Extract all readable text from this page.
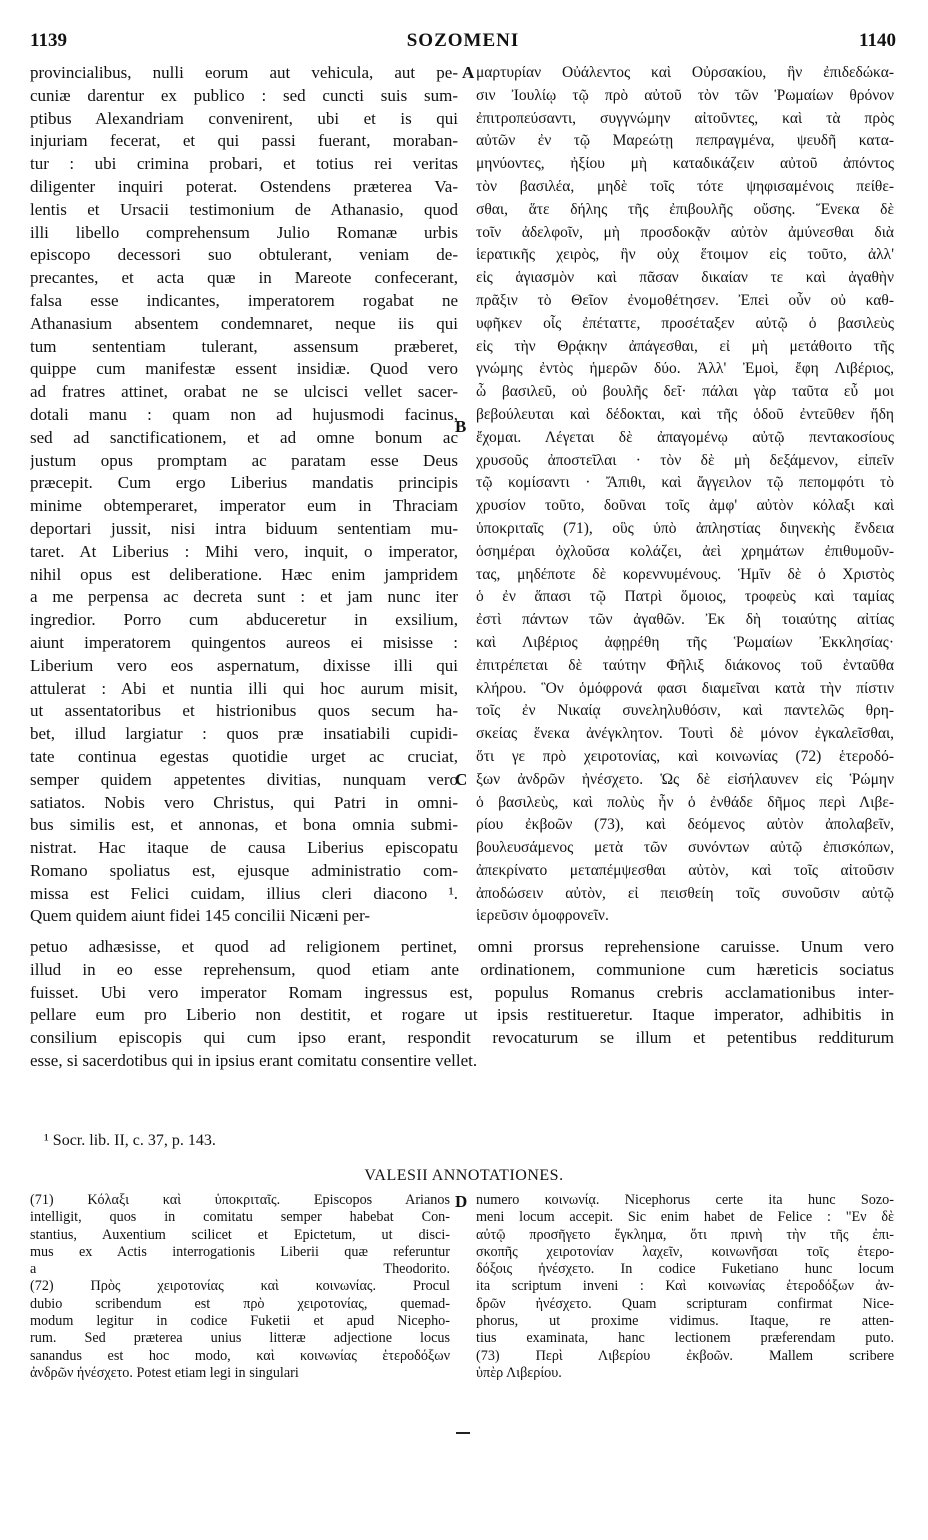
1139	SOZOMENI	1140
provincialibus, nulli eorum aut vehicula, aut pe-
cuniæ darentur ex publico : sed cuncti suis sum-
ptibus Alexandriam convenirent, ubi et is qui
injuriam fecerat, et qui passi fuerant, moraban-
tur : ubi crimina probari, et totius rei veritas
diligenter inquiri poterat. Ostendens præterea Va-
lentis et Ursacii testimonium de Athanasio, quod
illi libello comprehensum Julio Romanæ urbis
episcopo decessori suo obtulerant, veniam de-
precantes, et acta quæ in Mareote confecerant,
falsa esse indicantes, imperatorem rogabat ne
Athanasium absentem condemnaret, neque iis qui
tum sententiam tulerant, assensum præberet,
quippe cum manifestæ essent insidiæ. Quod vero
ad fratres attinet, orabat ne se ulcisci vellet sacer-
dotali manu : quam non ad hujusmodi facinus,
sed ad sanctificationem, et ad omne bonum ac
justum opus promptam ac paratam esse Deus
præcepit. Cum ergo Liberius mandatis principis
minime obtemperaret, imperator eum in Thraciam
deportari jussit, nisi intra biduum sententiam mu-
taret. At Liberius : Mihi vero, inquit, o imperator,
nihil opus est deliberatione. Hæc enim jampridem
a me perpensa ac decreta sunt : et jam nunc iter
ingredior. Porro cum abduceretur in exsilium,
aiunt imperatorem quingentos aureos ei misisse :
Liberium vero eos aspernatum, dixisse illi qui
attulerat : Abi et nuntia illi qui hoc aurum misit,
ut assentatoribus et histrionibus quos secum ha-
bet, illud largiatur : quos præ insatiabili cupidi-
tate continua egestas quotidie urget ac cruciat,
semper quidem appetentes divitias, nunquam vero
satiatos. Nobis vero Christus, qui Patri in omni-
bus similis est, et annonas, et bona omnia submi-
nistrat. Hac itaque de causa Liberius episcopatu
Romano spoliatus est, ejusque administratio com-
missa est Felici cuidam, illius cleri diacono ¹.
Quem quidem aiunt fidei 145 concilii Nicæni per-
μαρτυρίαν Οὐάλεντος καὶ Οὐρσακίου, ἣν ἐπιδεδώκα-
σιν Ἰουλίῳ τῷ πρὸ αὐτοῦ τὸν τῶν Ῥωμαίων θρόνον
ἐπιτροπεύσαντι, συγγνώμην αἰτοῦντες, καὶ τὰ πρὸς
αὐτῶν ἐν τῷ Μαρεώτῃ πεπραγμένα, ψευδῆ κατα-
μηνύοντες, ἠξίου μὴ καταδικάζειν αὐτοῦ ἀπόντος
τὸν βασιλέα, μηδὲ τοῖς τότε ψηφισαμένοις πείθε-
σθαι, ἅτε δήλης τῆς ἐπιβουλῆς οὔσης. Ἕνεκα δὲ
τοῖν ἀδελφοῖν, μὴ προσδοκᾷν αὐτὸν ἀμύνεσθαι διὰ
ἱερατικῆς χειρὸς, ἣν οὐχ ἕτοιμον εἰς τοῦτο, ἀλλ'
εἰς ἁγιασμὸν καὶ πᾶσαν δικαίαν τε καὶ ἀγαθὴν
πρᾶξιν τὸ Θεῖον ἐνομοθέτησεν. Ἐπεὶ οὖν οὐ καθ-
υφῆκεν οἷς ἐπέταττε, προσέταξεν αὐτῷ ὁ βασιλεὺς
εἰς τὴν Θρᾴκην ἀπάγεσθαι, εἰ μὴ μετάθοιτο τῆς
γνώμης ἐντὸς ἡμερῶν δύο. Ἀλλ' Ἐμοὶ, ἔφη Λιβέριος,
ὦ βασιλεῦ, οὐ βουλῆς δεῖ· πάλαι γὰρ ταῦτα εὖ μοι
βεβούλευται καὶ δέδοκται, καὶ τῆς ὁδοῦ ἐντεῦθεν ἤδη
ἔχομαι. Λέγεται δὲ ἀπαγομένῳ αὐτῷ πεντακοσίους
χρυσοῦς ἀποστεῖλαι · τὸν δὲ μὴ δεξάμενον, εἰπεῖν
τῷ κομίσαντι · Ἄπιθι, καὶ ἄγγειλον τῷ πεπομφότι τὸ
χρυσίον τοῦτο, δοῦναι τοῖς ἀμφ' αὐτὸν κόλαξι καὶ
ὑποκριταῖς (71), οὓς ὑπὸ ἀπληστίας διηνεκὴς ἔνδεια
ὁσημέραι ὀχλοῦσα κολάζει, ἀεὶ χρημάτων ἐπιθυμοῦν-
τας, μηδέποτε δὲ κορεννυμένους. Ἡμῖν δὲ ὁ Χριστὸς
ὁ ἐν ἅπασι τῷ Πατρὶ ὅμοιος, τροφεὺς καὶ ταμίας
ἐστὶ πάντων τῶν ἀγαθῶν. Ἐκ δὴ τοιαύτης αἰτίας
καὶ Λιβέριος ἀφῃρέθη τῆς Ῥωμαίων Ἐκκλησίας·
ἐπιτρέπεται δὲ ταύτην Φῆλιξ διάκονος τοῦ ἐνταῦθα
κλήρου. Ὃν ὁμόφρονά φασι διαμεῖναι κατὰ τὴν πίστιν
τοῖς ἐν Νικαίᾳ συνεληλυθόσιν, καὶ παντελῶς θρη-
σκείας ἕνεκα ἀνέγκλητον. Τουτὶ δὲ μόνον ἐγκαλεῖσθαι,
ὅτι γε πρὸ χειροτονίας, καὶ κοινωνίας (72) ἑτεροδό-
ξων ἀνδρῶν ἠνέσχετο. Ὡς δὲ εἰσήλαυνεν εἰς Ῥώμην
ὁ βασιλεὺς, καὶ πολὺς ἦν ὁ ἐνθάδε δῆμος περὶ Λιβε-
ρίου ἐκβοῶν (73), καὶ δεόμενος αὐτὸν ἀπολαβεῖν,
βουλευσάμενος μετὰ τῶν συνόντων αὐτῷ ἐπισκόπων,
ἀπεκρίνατο μεταπέμψεσθαι αὐτὸν, καὶ τοῖς αἰτοῦσιν
ἀποδώσειν αὐτὸν, εἰ πεισθείη τοῖς συνοῦσιν αὐτῷ
ἱερεῦσιν ὁμοφρονεῖν.
A
B
C
D
petuo adhæsisse, et quod ad religionem pertinet, omni prorsus reprehensione caruisse. Unum vero
illud in eo esse reprehensum, quod etiam ante ordinationem, communione cum hæreticis sociatus
fuisset. Ubi vero imperator Romam ingressus est, populus Romanus crebris acclamationibus inter-
pellare eum pro Liberio non destitit, et rogare ut ipsis restitueretur. Itaque imperator, adhibitis in
consilium episcopis qui cum ipso erant, respondit revocaturum se illum et petentibus redditurum
esse, si sacerdotibus qui in ipsius erant comitatu consentire vellet.
¹ Socr. lib. II, c. 37, p. 143.
VALESII ANNOTATIONES.
(71) Κόλαξι καὶ ὑποκριταῖς. Episcopos Arianos
intelligit, quos in comitatu semper habebat Con-
stantius, Auxentium scilicet et Epictetum, ut disci-
mus ex Actis interrogationis Liberii quæ referuntur
a Theodorito.
(72) Πρὸς χειροτονίας καὶ κοινωνίας. Procul
dubio scribendum est πρὸ χειροτονίας, quemad-
modum legitur in codice Fuketii et apud Nicepho-
rum. Sed præterea unius litteræ adjectione locus
sanandus est hoc modo, καὶ κοινωνίας ἑτεροδόξων
ἀνδρῶν ἠνέσχετο. Potest etiam legi in singulari
numero κοινωνίᾳ. Nicephorus certe ita hunc Sozo-
meni locum accepit. Sic enim habet de Felice : "Εν δὲ
αὐτῷ προσῆγετο ἔγκλημα, ὅτι πρινὴ τὴν τῆς ἐπι-
σκοπῆς χειροτονίαν λαχεῖν, κοινωνῆσαι τοῖς ἑτερο-
δόξοις ἠνέσχετο. In codice Fuketiano hunc locum
ita scriptum inveni : Καὶ κοινωνίας ἑτεροδόξων ἀν-
δρῶν ἠνέσχετο. Quam scripturam confirmat Nice-
phorus, ut proxime vidimus. Itaque, re atten-
tius examinata, hanc lectionem præferendam puto.
(73) Περὶ Λιβερίου ἐκβοῶν. Mallem scribere
ὑπὲρ Λιβερίου.
